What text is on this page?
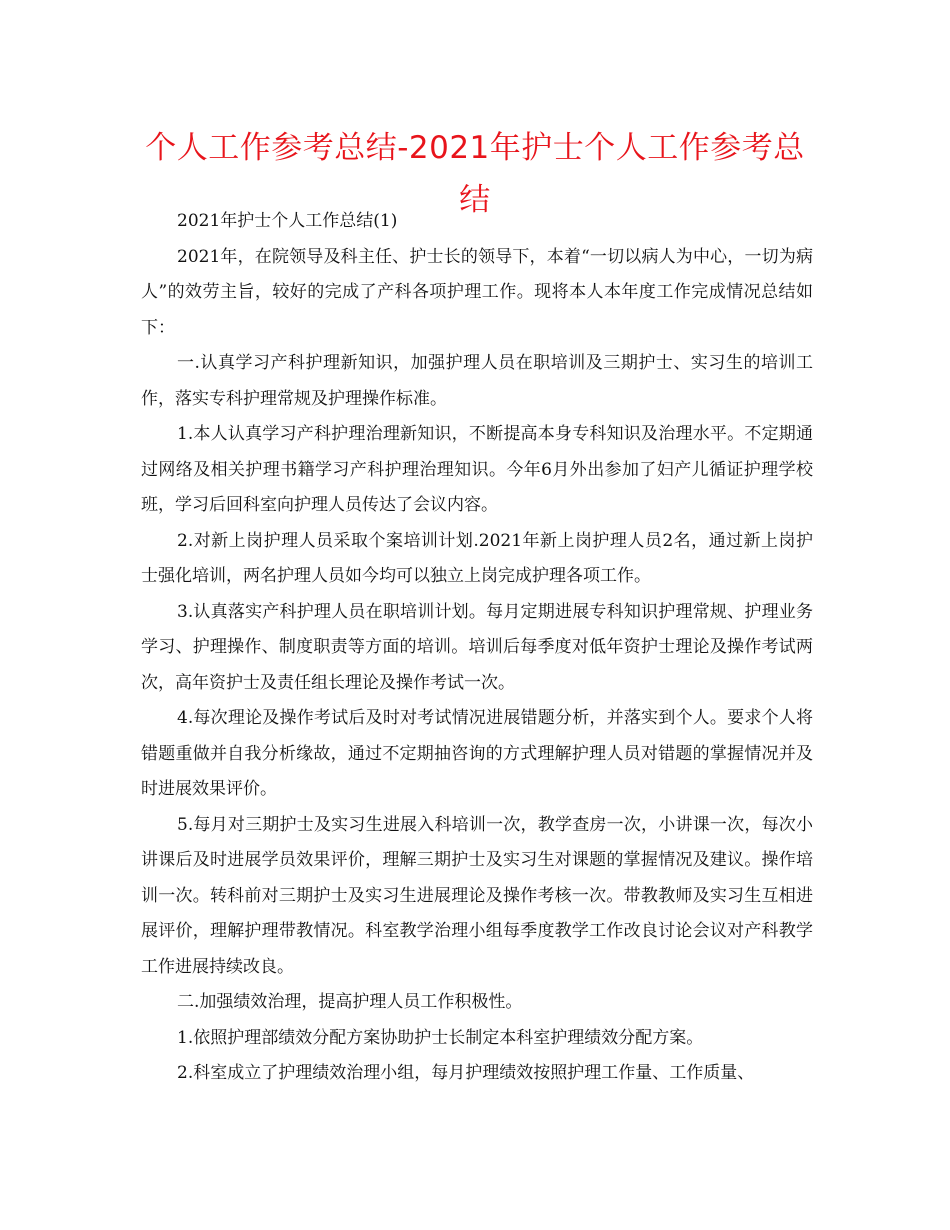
个人工作参考总结-2021年护士个人工作参考总结

2021年护士个人工作总结(1)

2021年，在院领导及科主任、护士长的领导下，本着“一切以病人为中心，一切为病人”的效劳主旨，较好的完成了产科各项护理工作。现将本人本年度工作完成情况总结如下：

一.认真学习产科护理新知识，加强护理人员在职培训及三期护士、实习生的培训工作，落实专科护理常规及护理操作标准。

1.本人认真学习产科护理治理新知识，不断提高本身专科知识及治理水平。不定期通过网络及相关护理书籍学习产科护理治理知识。今年6月外出参加了妇产儿循证护理学校班，学习后回科室向护理人员传达了会议内容。

2.对新上岗护理人员采取个案培训计划.2021年新上岗护理人员2名，通过新上岗护士强化培训，两名护理人员如今均可以独立上岗完成护理各项工作。

3.认真落实产科护理人员在职培训计划。每月定期进展专科知识护理常规、护理业务学习、护理操作、制度职责等方面的培训。培训后每季度对低年资护士理论及操作考试两次，高年资护士及责任组长理论及操作考试一次。

4.每次理论及操作考试后及时对考试情况进展错题分析，并落实到个人。要求个人将错题重做并自我分析缘故，通过不定期抽咨询的方式理解护理人员对错题的掌握情况并及时进展效果评价。

5.每月对三期护士及实习生进展入科培训一次，教学查房一次，小讲课一次，每次小讲课后及时进展学员效果评价，理解三期护士及实习生对课题的掌握情况及建议。操作培训一次。转科前对三期护士及实习生进展理论及操作考核一次。带教教师及实习生互相进展评价，理解护理带教情况。科室教学治理小组每季度教学工作改良讨论会议对产科教学工作进展持续改良。

二.加强绩效治理，提高护理人员工作积极性。

1.依照护理部绩效分配方案协助护士长制定本科室护理绩效分配方案。

2.科室成立了护理绩效治理小组，每月护理绩效按照护理工作量、工作质量、
